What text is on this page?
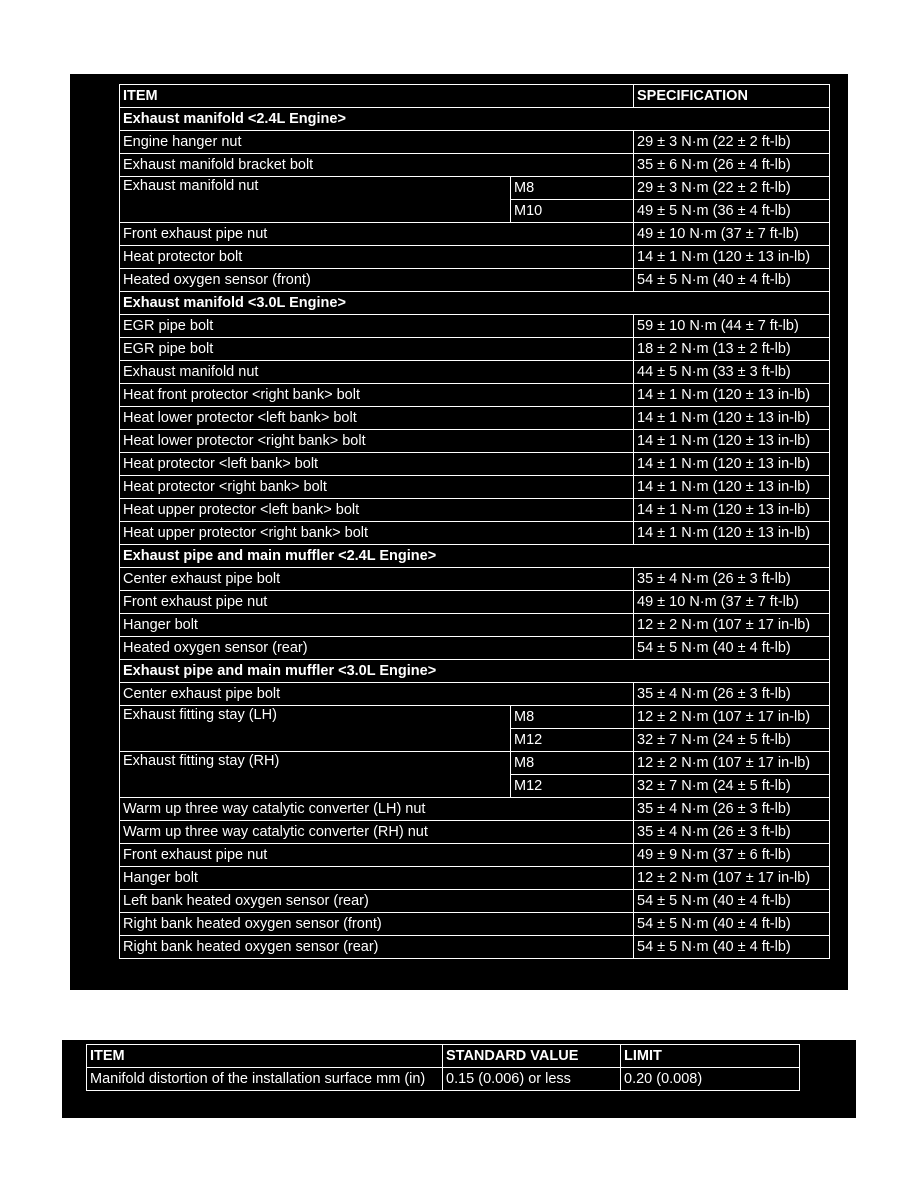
ITEM		SPECIFICATION
Exhaust manifold <2.4L Engine>		
Engine hanger nut		29 ± 3 N·m (22 ± 2 ft-lb)
Exhaust manifold bracket bolt		35 ± 6 N·m (26 ± 4 ft-lb)
Exhaust manifold nut	M8	29 ± 3 N·m (22 ± 2 ft-lb)
	M10	49 ± 5 N·m (36 ± 4 ft-lb)
Front exhaust pipe nut		49 ± 10 N·m (37 ± 7 ft-lb)
Heat protector bolt		14 ± 1 N·m (120 ± 13 in-lb)
Heated oxygen sensor (front)		54 ± 5 N·m (40 ± 4 ft-lb)
Exhaust manifold <3.0L Engine>		
EGR pipe bolt		59 ± 10 N·m (44 ± 7 ft-lb)
EGR pipe bolt		18 ± 2 N·m (13 ± 2 ft-lb)
Exhaust manifold nut		44 ± 5 N·m (33 ± 3 ft-lb)
Heat front protector <right bank> bolt		14 ± 1 N·m (120 ± 13 in-lb)
Heat lower protector <left bank> bolt		14 ± 1 N·m (120 ± 13 in-lb)
Heat lower protector <right bank> bolt		14 ± 1 N·m (120 ± 13 in-lb)
Heat protector <left bank> bolt		14 ± 1 N·m (120 ± 13 in-lb)
Heat protector <right bank> bolt		14 ± 1 N·m (120 ± 13 in-lb)
Heat upper protector <left bank> bolt		14 ± 1 N·m (120 ± 13 in-lb)
Heat upper protector <right bank> bolt		14 ± 1 N·m (120 ± 13 in-lb)
Exhaust pipe and main muffler <2.4L Engine>		
Center exhaust pipe bolt		35 ± 4 N·m (26 ± 3 ft-lb)
Front exhaust pipe nut		49 ± 10 N·m (37 ± 7 ft-lb)
Hanger bolt		12 ± 2 N·m (107 ± 17 in-lb)
Heated oxygen sensor (rear)		54 ± 5 N·m (40 ± 4 ft-lb)
Exhaust pipe and main muffler <3.0L Engine>		
Center exhaust pipe bolt		35 ± 4 N·m (26 ± 3 ft-lb)
Exhaust fitting stay (LH)	M8	12 ± 2 N·m (107 ± 17 in-lb)
	M12	32 ± 7 N·m (24 ± 5 ft-lb)
Exhaust fitting stay (RH)	M8	12 ± 2 N·m (107 ± 17 in-lb)
	M12	32 ± 7 N·m (24 ± 5 ft-lb)
Warm up three way catalytic converter (LH) nut		35 ± 4 N·m (26 ± 3 ft-lb)
Warm up three way catalytic converter (RH) nut		35 ± 4 N·m (26 ± 3 ft-lb)
Front exhaust pipe nut		49 ± 9 N·m (37 ± 6 ft-lb)
Hanger bolt		12 ± 2 N·m (107 ± 17 in-lb)
Left bank heated oxygen sensor (rear)		54 ± 5 N·m (40 ± 4 ft-lb)
Right bank heated oxygen sensor (front)		54 ± 5 N·m (40 ± 4 ft-lb)
Right bank heated oxygen sensor (rear)		54 ± 5 N·m (40 ± 4 ft-lb)
ITEM	STANDARD VALUE	LIMIT
Manifold distortion of the installation surface mm (in)	0.15 (0.006) or less	0.20 (0.008)
